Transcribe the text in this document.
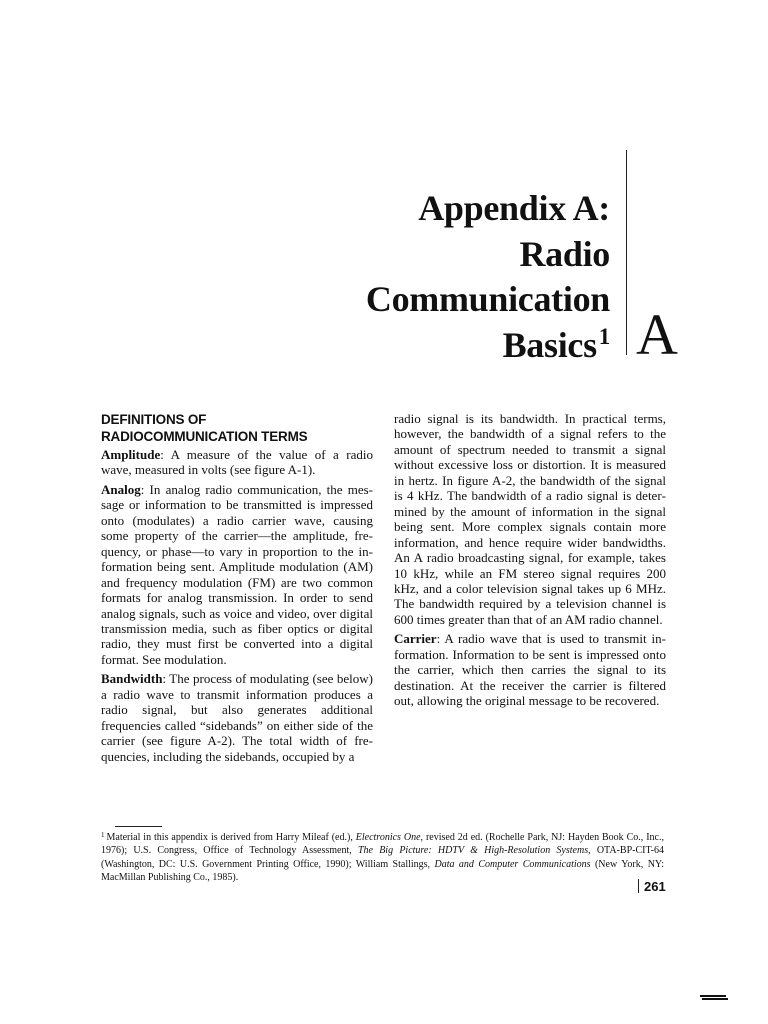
Appendix A:
Radio
Communication
Basics$^1$ A
DEFINITIONS OF
RADIOCOMMUNICATION TERMS

Amplitude: A measure of the value of a radio wave, measured in volts (see figure A-1).

Analog: In analog radio communication, the message or information to be transmitted is impressed onto (modulates) a radio carrier wave, causing some property of the carrier—the amplitude, frequency, or phase—to vary in proportion to the information being sent. Amplitude modulation (AM) and frequency modulation (FM) are two common formats for analog transmission. In order to send analog signals, such as voice and video, over digital transmission media, such as fiber optics or digital radio, they must first be converted into a digital format. See modulation.

Bandwidth: The process of modulating (see below) a radio wave to transmit information produces a radio signal, but also generates additional frequencies called “sidebands” on either side of the carrier (see figure A-2). The total width of frequencies, including the sidebands, occupied by a

radio signal is its bandwidth. In practical terms, however, the bandwidth of a signal refers to the amount of spectrum needed to transmit a signal without excessive loss or distortion. It is measured in hertz. In figure A-2, the bandwidth of the signal is 4 kHz. The bandwidth of a radio signal is determined by the amount of information in the signal being sent. More complex signals contain more information, and hence require wider bandwidths. An A radio broadcasting signal, for example, takes 10 kHz, while an FM stereo signal requires 200 kHz, and a color television signal takes up 6 MHz. The bandwidth required by a television channel is 600 times greater than that of an AM radio channel.

Carrier: A radio wave that is used to transmit information. Information to be sent is impressed onto the carrier, which then carries the signal to its destination. At the receiver the carrier is filtered out, allowing the original message to be recovered.

$^1$ Material in this appendix is derived from Harry Mileaf (ed.), Electronics One, revised 2d ed. (Rochelle Park, NJ: Hayden Book Co., Inc., 1976); U.S. Congress, Office of Technology Assessment, The Big Picture: HDTV & High-Resolution Systems, OTA-BP-CIT-64 (Washington, DC: U.S. Government Printing Office, 1990); William Stallings, Data and Computer Communications (New York, NY: MacMillan Publishing Co., 1985).
261
